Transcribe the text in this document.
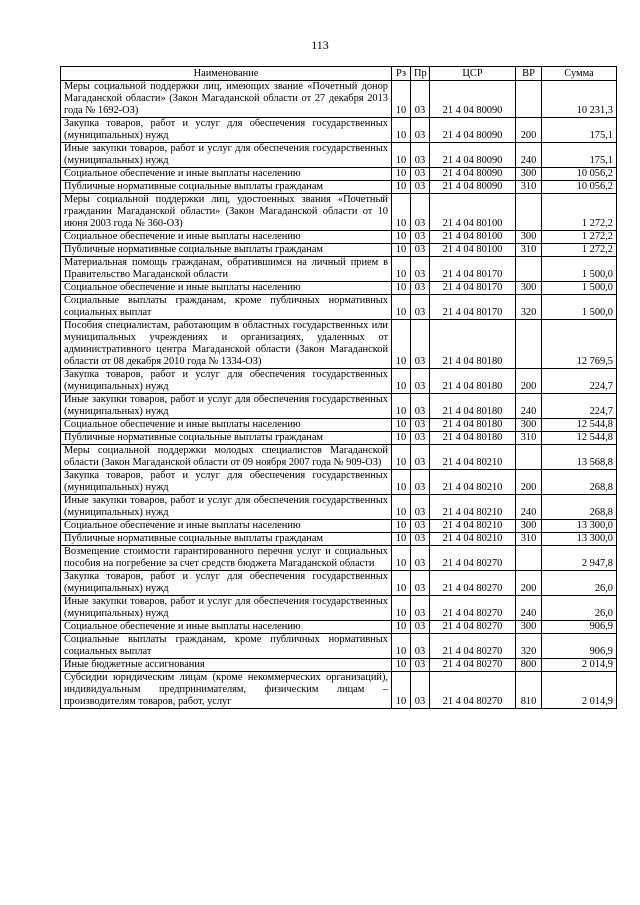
113
Наименование	Рз	Пр	ЦСР	ВР	Сумма
Меры социальной поддержки лиц, имеющих звание «Почетный донор Магаданской области» (Закон Магаданской области от 27 декабря 2013 года № 1692-ОЗ)	10	03	21 4 04 80090		10 231,3
Закупка товаров, работ и услуг для обеспечения государственных (муниципальных) нужд	10	03	21 4 04 80090	200	175,1
Иные закупки товаров, работ и услуг для обеспечения государственных (муниципальных) нужд	10	03	21 4 04 80090	240	175,1
Социальное обеспечение и иные выплаты населению	10	03	21 4 04 80090	300	10 056,2
Публичные нормативные социальные выплаты гражданам	10	03	21 4 04 80090	310	10 056,2
Меры социальной поддержки лиц, удостоенных звания «Почетный гражданин Магаданской области» (Закон Магаданской области от 10 июня 2003 года № 360-ОЗ)	10	03	21 4 04 80100		1 272,2
Социальное обеспечение и иные выплаты населению	10	03	21 4 04 80100	300	1 272,2
Публичные нормативные социальные выплаты гражданам	10	03	21 4 04 80100	310	1 272,2
Материальная помощь гражданам, обратившимся на личный прием в Правительство Магаданской области	10	03	21 4 04 80170		1 500,0
Социальное обеспечение и иные выплаты населению	10	03	21 4 04 80170	300	1 500,0
Социальные выплаты гражданам, кроме публичных нормативных социальных выплат	10	03	21 4 04 80170	320	1 500,0
Пособия специалистам, работающим в областных государственных или муниципальных учреждениях и организациях, удаленных от административного центра Магаданской области (Закон Магаданской области от 08 декабря 2010 года № 1334-ОЗ)	10	03	21 4 04 80180		12 769,5
Закупка товаров, работ и услуг для обеспечения государственных (муниципальных) нужд	10	03	21 4 04 80180	200	224,7
Иные закупки товаров, работ и услуг для обеспечения государственных (муниципальных) нужд	10	03	21 4 04 80180	240	224,7
Социальное обеспечение и иные выплаты населению	10	03	21 4 04 80180	300	12 544,8
Публичные нормативные социальные выплаты гражданам	10	03	21 4 04 80180	310	12 544,8
Меры социальной поддержки молодых специалистов Магаданской области (Закон Магаданской области от 09 ноября 2007 года № 909-ОЗ)	10	03	21 4 04 80210		13 568,8
Закупка товаров, работ и услуг для обеспечения государственных (муниципальных) нужд	10	03	21 4 04 80210	200	268,8
Иные закупки товаров, работ и услуг для обеспечения государственных (муниципальных) нужд	10	03	21 4 04 80210	240	268,8
Социальное обеспечение и иные выплаты населению	10	03	21 4 04 80210	300	13 300,0
Публичные нормативные социальные выплаты гражданам	10	03	21 4 04 80210	310	13 300,0
Возмещение стоимости гарантированного перечня услуг и социальных пособия на погребение за счет средств бюджета Магаданской области	10	03	21 4 04 80270		2 947,8
Закупка товаров, работ и услуг для обеспечения государственных (муниципальных) нужд	10	03	21 4 04 80270	200	26,0
Иные закупки товаров, работ и услуг для обеспечения государственных (муниципальных) нужд	10	03	21 4 04 80270	240	26,0
Социальное обеспечение и иные выплаты населению	10	03	21 4 04 80270	300	906,9
Социальные выплаты гражданам, кроме публичных нормативных социальных выплат	10	03	21 4 04 80270	320	906,9
Иные бюджетные ассигнования	10	03	21 4 04 80270	800	2 014,9
Субсидии юридическим лицам (кроме некоммерческих организаций), индивидуальным предпринимателям, физическим лицам – производителям товаров, работ, услуг	10	03	21 4 04 80270	810	2 014,9
